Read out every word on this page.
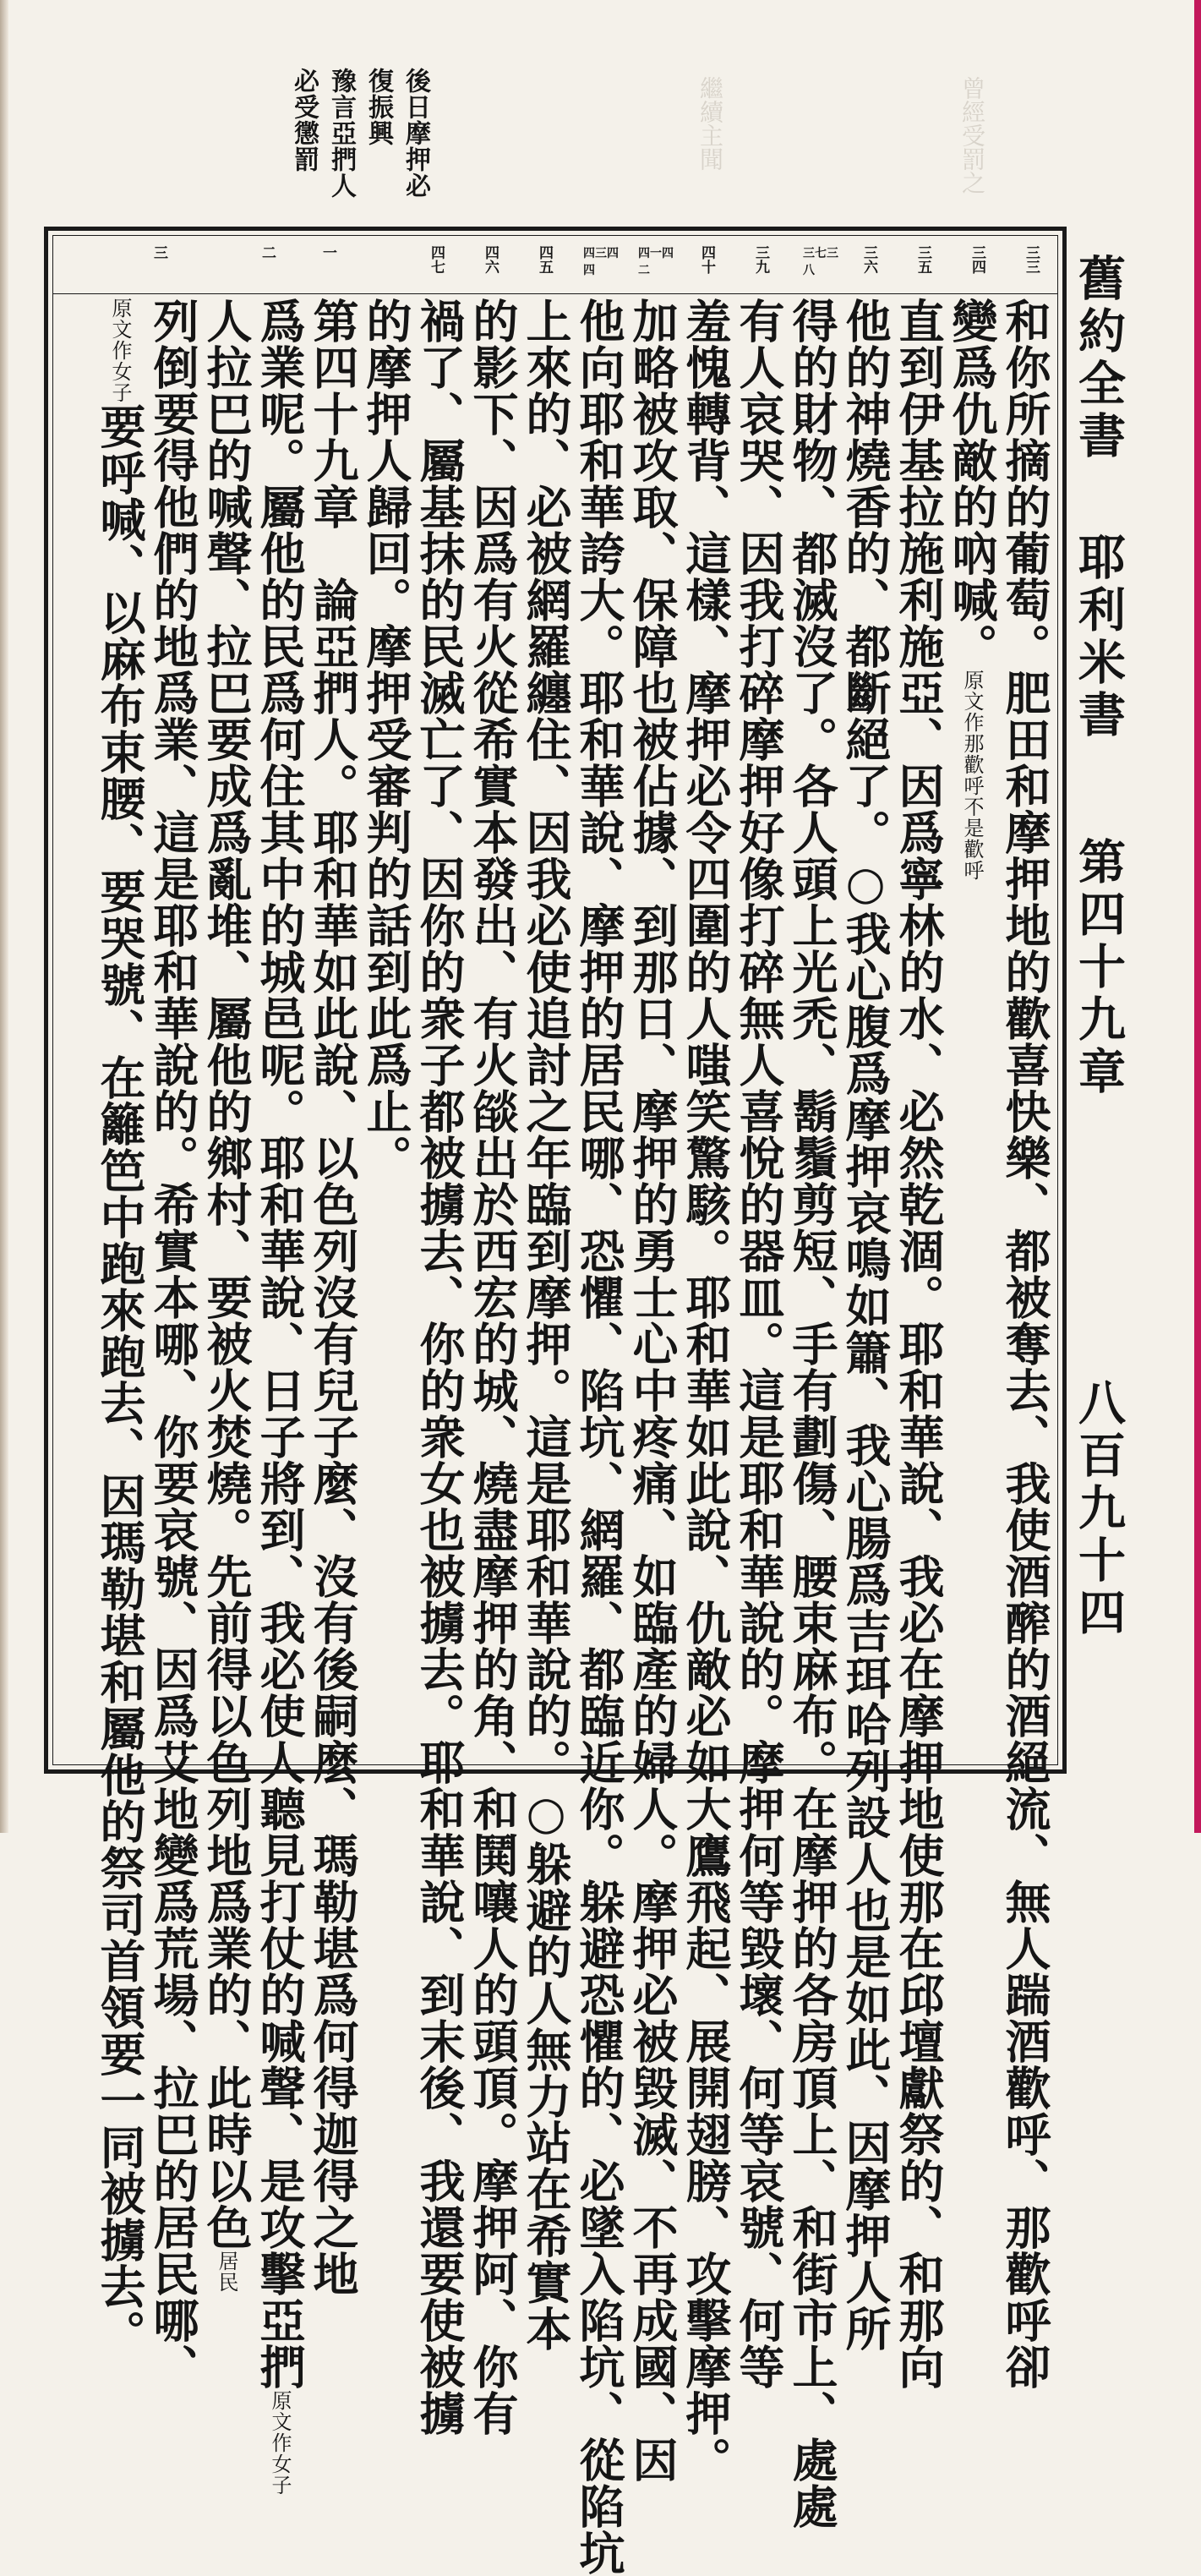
繼續主聞	曾經受罰之
後日摩押必
復振興
豫言亞捫人
必受懲罰
三三
三四
三五
三六
三七三八
三九
四十
四一四二
四三四四
四五
四六
四七
一
二
三
和你所摘的葡萄。肥田和摩押地的歡喜快樂、都被奪去、我使酒醡的酒絕流、無人踹酒歡呼、那歡呼卻
變爲仇敵的吶喊。原文作那歡呼不是歡呼
直到伊基拉施利施亞、因爲寧林的水、必然乾涸。耶和華說、我必在摩押地使那在邱壇獻祭的、和那向
他的神燒香的、都斷絕了。○我心腹爲摩押哀鳴如簫、我心腸爲吉珥哈列設人也是如此、因摩押人所
得的財物、都滅沒了。各人頭上光禿、鬍鬚剪短、手有劃傷、腰束麻布。在摩押的各房頂上、和街市上、處處
有人哀哭、因我打碎摩押好像打碎無人喜悅的器皿。這是耶和華說的。摩押何等毀壞、何等哀號、何等
羞愧轉背、這樣、摩押必令四圍的人嗤笑驚駭。耶和華如此說、仇敵必如大鷹飛起、展開翅膀、攻擊摩押。
加略被攻取、保障也被佔據、到那日、摩押的勇士心中疼痛、如臨產的婦人。摩押必被毀滅、不再成國、因
他向耶和華誇大。耶和華說、摩押的居民哪、恐懼、陷坑、網羅、都臨近你。躲避恐懼的、必墜入陷坑、從陷坑
上來的、必被網羅纏住、因我必使追討之年臨到摩押。這是耶和華說的。○躲避的人無力站在希實本
的影下、因爲有火從希實本發出、有火燄出於西宏的城、燒盡摩押的角、和鬨嚷人的頭頂。摩押阿、你有
禍了、屬基抹的民滅亡了、因你的衆子都被擄去、你的衆女也被擄去。耶和華說、到末後、我還要使被擄
的摩押人歸回。摩押受審判的話到此爲止。
第四十九章　論亞捫人。耶和華如此說、以色列沒有兒子麼、沒有後嗣麼、瑪勒堪爲何得迦得之地
爲業呢。屬他的民爲何住其中的城邑呢。耶和華說、日子將到、我必使人聽見打仗的喊聲、是攻擊亞捫原文作女子
人拉巴的喊聲、拉巴要成爲亂堆、屬他的鄉村、要被火焚燒。先前得以色列地爲業的、此時以色居民
列倒要得他們的地爲業、這是耶和華說的。希實本哪、你要哀號、因爲艾地變爲荒場、拉巴的居民哪、
原文作女子要呼喊、以麻布束腰、要哭號、在籬笆中跑來跑去、因瑪勒堪和屬他的祭司首領要一同被擄去。
舊約全書
耶利米書
第四十九章
八百九十四
